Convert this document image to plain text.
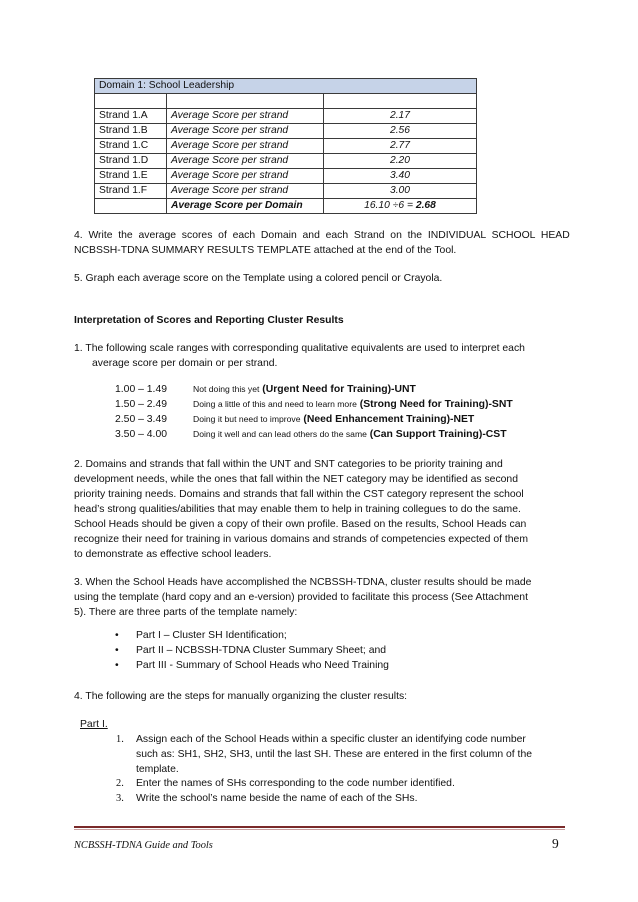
Domain 1: School Leadership		

Strand 1.A	Average Score per strand	2.17
Strand 1.B	Average Score per strand	2.56
Strand 1.C	Average Score per strand	2.77
Strand 1.D	Average Score per strand	2.20
Strand 1.E	Average Score per strand	3.40
Strand 1.F	Average Score per strand	3.00
	Average Score per Domain	16.10 ÷6 = 2.68
4.  Write  the  average  scores  of  each  Domain  and  each  Strand  on  the  INDIVIDUAL  SCHOOL  HEAD
NCBSSH-TDNA SUMMARY RESULTS TEMPLATE attached at the end of the Tool.
5. Graph each average score on the Template using a colored pencil or Crayola.
Interpretation of Scores and Reporting Cluster Results
1. The following scale ranges with corresponding qualitative equivalents are used to interpret each
average score per domain or per strand.
1.00 – 1.49	Not doing this yet (Urgent Need for Training)-UNT
1.50 – 2.49	Doing a little of this and need to learn more (Strong Need for Training)-SNT
2.50 – 3.49	Doing it but need to improve (Need Enhancement Training)-NET
3.50 – 4.00	Doing it well and can lead others do the same (Can Support Training)-CST
2. Domains and strands that fall within the UNT and SNT categories to be priority training and
development needs, while the ones that fall within the NET category may be identified as second
priority training needs. Domains and strands that fall within the CST category represent the school
head’s strong qualities/abilities that may enable them to help in training collegues to do the same.
School Heads should be given a copy of their own profile. Based on the results, School Heads can
recognize their need for training in various domains and strands of competencies expected of them
to demonstrate as effective school leaders.
3. When the School Heads have accomplished the NCBSSH-TDNA, cluster results should be made
using the template (hard copy and an e-version) provided to facilitate this process (See Attachment
5). There are three parts of the template namely:
• Part I – Cluster SH Identification;
• Part II – NCBSSH-TDNA Cluster Summary Sheet; and
• Part III - Summary of School Heads who Need Training
4. The following are the steps for manually organizing the cluster results:
Part I.
1. Assign each of the School Heads within a specific cluster an identifying code number
such as: SH1, SH2, SH3, until the last SH. These are entered in the first column of the
template.
2. Enter the names of SHs corresponding to the code number identified.
3. Write the school’s name beside the name of each of the SHs.
NCBSSH-TDNA Guide and Tools	9
